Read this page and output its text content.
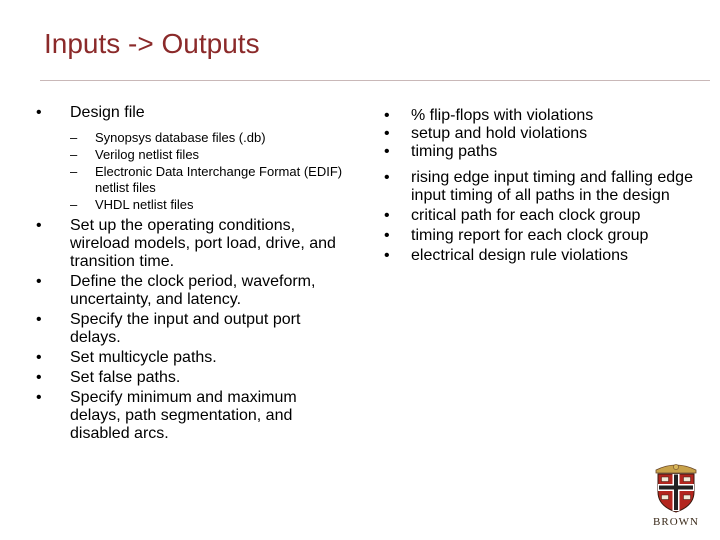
Inputs -> Outputs
• Design file
– Synopsys database files (.db)
– Verilog netlist files
– Electronic Data Interchange Format (EDIF) netlist files
– VHDL netlist files
• Set up the operating conditions, wireload models, port load, drive, and transition time.
• Define the clock period, waveform, uncertainty, and latency.
• Specify the input and output port delays.
• Set multicycle paths.
• Set false paths.
• Specify minimum and maximum delays, path segmentation, and disabled arcs.
• % flip-flops with violations
• setup and hold violations
• timing paths
• rising edge input timing and falling edge input timing of all paths in the design
• critical path for each clock group
• timing report for each clock group
• electrical design rule violations
BROWN
